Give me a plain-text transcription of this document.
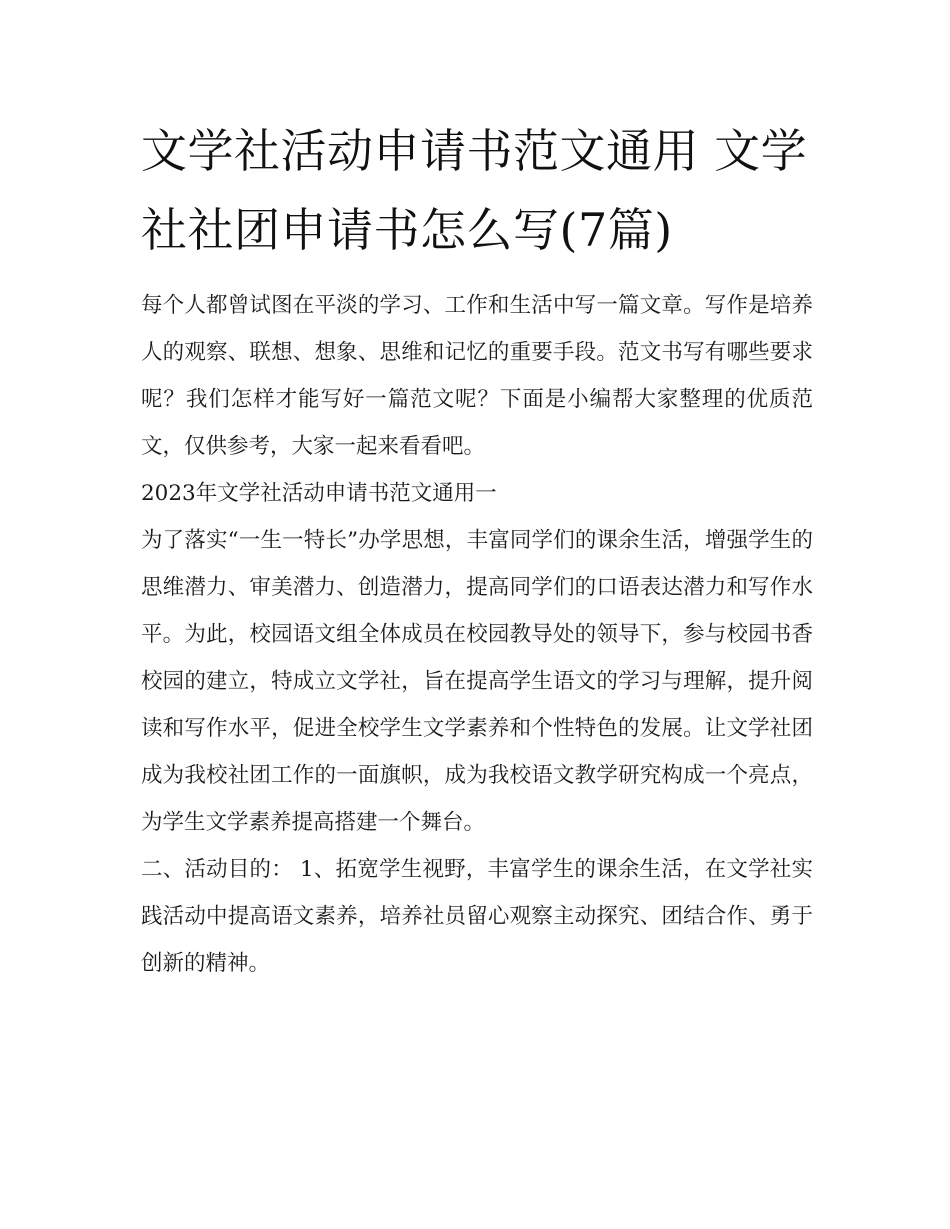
文学社活动申请书范文通用 文学社社团申请书怎么写(7篇)

每个人都曾试图在平淡的学习、工作和生活中写一篇文章。写作是培养人的观察、联想、想象、思维和记忆的重要手段。范文书写有哪些要求呢？我们怎样才能写好一篇范文呢？下面是小编帮大家整理的优质范文，仅供参考，大家一起来看看吧。

2023年文学社活动申请书范文通用一

为了落实“一生一特长”办学思想，丰富同学们的课余生活，增强学生的思维潜力、审美潜力、创造潜力，提高同学们的口语表达潜力和写作水平。为此，校园语文组全体成员在校园教导处的领导下，参与校园书香校园的建立，特成立文学社，旨在提高学生语文的学习与理解，提升阅读和写作水平，促进全校学生文学素养和个性特色的发展。让文学社团成为我校社团工作的一面旗帜，成为我校语文教学研究构成一个亮点，为学生文学素养提高搭建一个舞台。

二、活动目的： 1、拓宽学生视野，丰富学生的课余生活，在文学社实践活动中提高语文素养，培养社员留心观察主动探究、团结合作、勇于创新的精神。
